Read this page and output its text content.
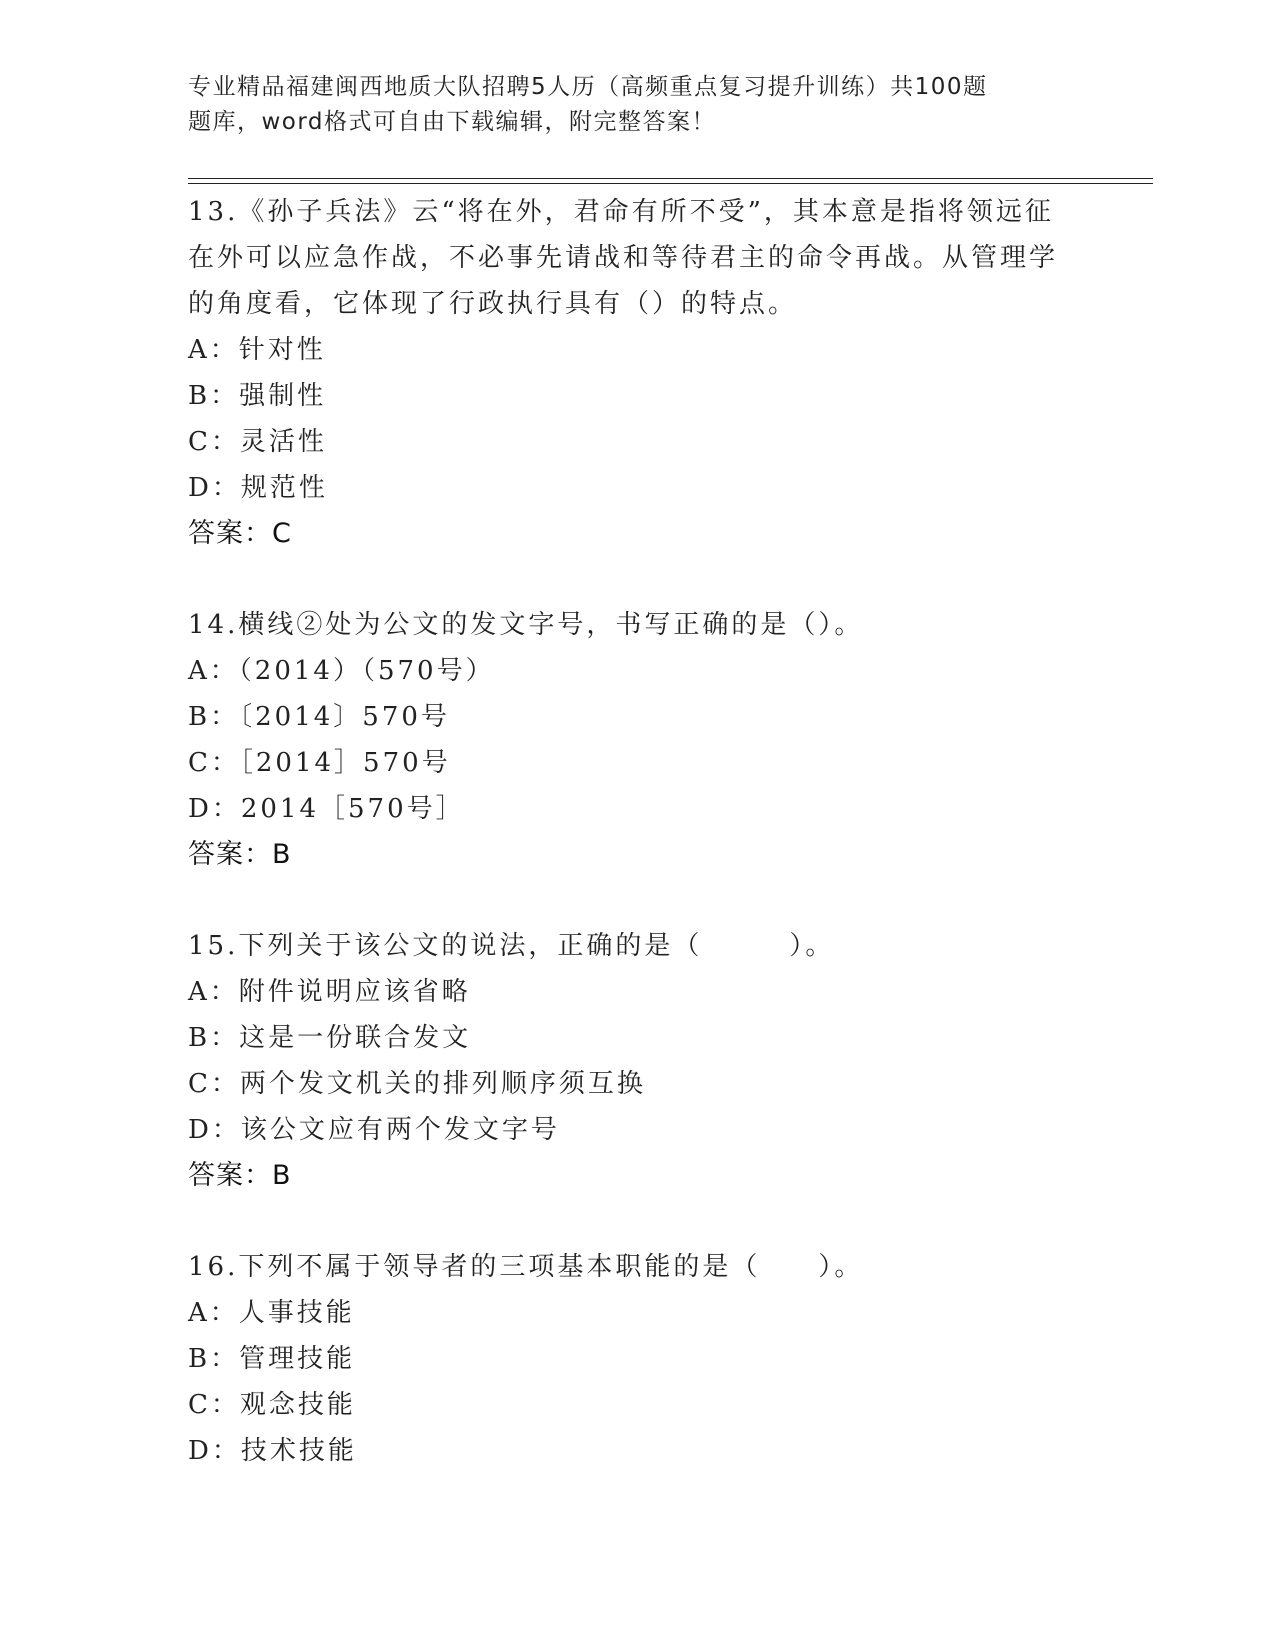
专业精品福建闽西地质大队招聘5人历（高频重点复习提升训练）共100题
题库，word格式可自由下载编辑，附完整答案！
13.《孙子兵法》云“将在外，君命有所不受”，其本意是指将领远征
在外可以应急作战，不必事先请战和等待君主的命令再战。从管理学
的角度看，它体现了行政执行具有（）的特点。
A：针对性
B：强制性
C：灵活性
D：规范性
答案：C
14.横线②处为公文的发文字号，书写正确的是（）。
A：（2014）（570号）
B：〔2014〕570号
C：［2014］570号
D：2014［570号］
答案：B
15.下列关于该公文的说法，正确的是（　　　）。
A：附件说明应该省略
B：这是一份联合发文
C：两个发文机关的排列顺序须互换
D：该公文应有两个发文字号
答案：B
16.下列不属于领导者的三项基本职能的是（　　）。
A：人事技能
B：管理技能
C：观念技能
D：技术技能
